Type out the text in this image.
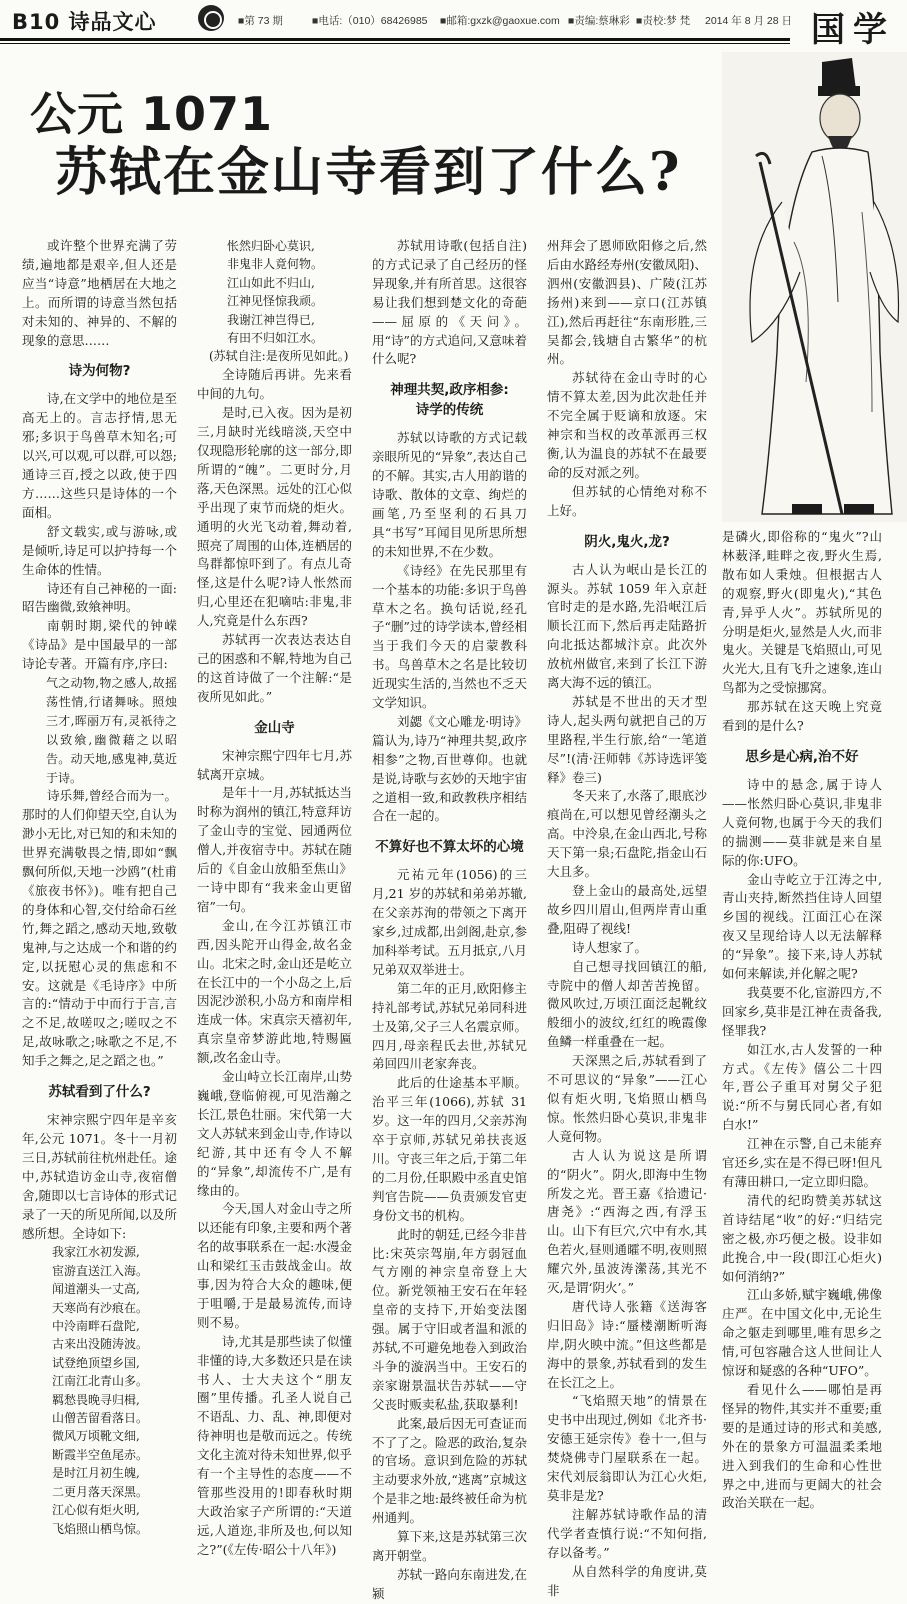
B10 诗品文心	■第 73 期	■电话:（010）68426985 ■邮箱:gxzk@gaoxue.com ■责编:蔡琳彩 ■责校:梦 梵 2014 年 8 月 28 日 国学
公元 1071
苏轼在金山寺看到了什么?

或许整个世界充满了劳绩,遍地都是艰辛,但人还是应当“诗意”地栖居在大地之上。而所谓的诗意当然包括对未知的、神异的、不解的现象的意思……

诗为何物?

诗,在文学中的地位是至高无上的。言志抒情,思无邪;多识于鸟兽草木知名;可以兴,可以观,可以群,可以怨;通诗三百,授之以政,使于四方……这些只是诗体的一个面相。

舒文载实,或与游咏,或是倾听,诗足可以护持每一个生命体的性情。

诗还有自己神秘的一面:昭告幽微,致飨神明。

南朝时期,梁代的钟嵘《诗品》是中国最早的一部诗论专著。开篇有序,序曰:

气之动物,物之感人,故摇荡性情,行诸舞咏。照烛三才,晖丽万有,灵祇待之以致飨,幽微藉之以昭告。动天地,感鬼神,莫近于诗。

诗乐舞,曾经合而为一。那时的人们仰望天空,自认为渺小无比,对已知的和未知的世界充满敬畏之情,即如“飘飘何所似,天地一沙鸥”(杜甫《旅夜书怀》)。唯有把自己的身体和心智,交付给命石丝竹,舞之蹈之,感动天地,致敬鬼神,与之达成一个和谐的约定,以抚慰心灵的焦虑和不安。这就是《毛诗序》中所言的:“情动于中而行于言,言之不足,故嗟叹之;嗟叹之不足,故咏歌之;咏歌之不足,不知手之舞之,足之蹈之也。”

苏轼看到了什么?

宋神宗熙宁四年是辛亥年,公元 1071。冬十一月初三日,苏轼前往杭州赴任。途中,苏轼造访金山寺,夜宿僧舍,随即以七言诗体的形式记录了一天的所见所闻,以及所感所想。全诗如下:

我家江水初发源,

宦游直送江入海。

闻道潮头一丈高,

天寒尚有沙痕在。

中泠南畔石盘陀,

古来出没随涛波。

试登绝顶望乡国,

江南江北青山多。

羁愁畏晚寻归楫,

山僧苦留看落日。

微风万顷靴文细,

断霞半空鱼尾赤。

是时江月初生魄,

二更月落天深黑。

江心似有炬火明,

飞焰照山栖鸟惊。

怅然归卧心莫识,

非鬼非人竟何物。

江山如此不归山,

江神见怪惊我顽。

我谢江神岂得已,

有田不归如江水。

(苏轼自注:是夜所见如此。)

全诗随后再讲。先来看中间的九句。

是时,已入夜。因为是初三,月缺时光线暗淡,天空中仅现隐形轮廓的这一部分,即所谓的“魄”。二更时分,月落,天色深黑。远处的江心似乎出现了束节而烧的炬火。通明的火光飞动着,舞动着,照亮了周围的山体,连栖居的鸟群都惊吓到了。有点儿奇怪,这是什么呢?诗人怅然而归,心里还在犯嘀咕:非鬼,非人,究竟是什么东西?

苏轼再一次表达表达自己的困惑和不解,特地为自己的这首诗做了一个注解:“是夜所见如此。”

金山寺

宋神宗熙宁四年七月,苏轼离开京城。

是年十一月,苏轼抵达当时称为润州的镇江,特意拜访了金山寺的宝觉、园通两位僧人,并夜宿寺中。苏轼在随后的《自金山放船至焦山》一诗中即有“我来金山更留宿”一句。

金山,在今江苏镇江市西,因头陀开山得金,故名金山。北宋之时,金山还是屹立在长江中的一个小岛之上,后因泥沙淤积,小岛方和南岸相连成一体。宋真宗天禧初年,真宗皇帝梦游此地,特赐匾额,改名金山寺。

金山峙立长江南岸,山势巍峨,登临俯视,可见浩瀚之长江,景色壮丽。宋代第一大文人苏轼来到金山寺,作诗以纪游,其中还有令人不解的“异象”,却流传不广,是有缘由的。

今天,国人对金山寺之所以还能有印象,主要和两个著名的故事联系在一起:水漫金山和梁红玉击鼓战金山。故事,因为符合大众的趣味,便于咀嚼,于是最易流传,而诗则不易。

诗,尤其是那些读了似懂非懂的诗,大多数还只是在读书人、士大夫这个“朋友圈”里传播。孔圣人说自己不语乱、力、乱、神,即便对待神明也是敬而远之。传统文化主流对待未知世界,似乎有一个主导性的态度——不管那些没用的!即春秋时期大政治家子产所谓的:“天道远,人道迩,非所及也,何以知之?”(《左传·昭公十八年》)

苏轼用诗歌(包括自注)的方式记录了自己经历的怪异现象,并有所首思。这很容易让我们想到楚文化的奇葩——屈原的《天问》。用“诗”的方式追问,又意味着什么呢?

神理共契,政序相参:
诗学的传统

苏轼以诗歌的方式记载亲眼所见的“异象”,表达自己的不解。其实,古人用韵谐的诗歌、散体的文章、绚烂的画笔,乃至坚利的石具刀具“书写”耳闻目见所思所想的未知世界,不在少数。

《诗经》在先民那里有一个基本的功能:多识于鸟兽草木之名。换句话说,经孔子“删”过的诗学读本,曾经相当于我们今天的启蒙教科书。鸟兽草木之名是比较切近现实生活的,当然也不乏天文学知识。

刘勰《文心雕龙·明诗》篇认为,诗乃“神理共契,政序相参”之物,百世尊仰。也就是说,诗歌与玄妙的天地宇宙之道相一致,和政教秩序相结合在一起的。

不算好也不算太坏的心境

元祐元年(1056)的三月,21 岁的苏轼和弟弟苏辙,在父亲苏洵的带领之下离开家乡,过成都,出剑阁,赴京,参加科举考试。五月抵京,八月兄弟双双举进士。

第二年的正月,欧阳修主持礼部考试,苏轼兄弟同科进士及第,父子三人名震京师。四月,母亲程氏去世,苏轼兄弟回四川老家奔丧。

此后的仕途基本平顺。治平三年(1066),苏轼 31 岁。这一年的四月,父亲苏洵卒于京师,苏轼兄弟扶丧返川。守丧三年之后,于第二年的二月份,任职殿中丞直史馆判官告院——负责颁发官吏身份文书的机构。

此时的朝廷,已经今非昔比:宋英宗驾崩,年方弱冠血气方刚的神宗皇帝登上大位。新党领袖王安石在年轻皇帝的支持下,开始变法图强。属于守旧或者温和派的苏轼,不可避免地卷入到政治斗争的漩涡当中。王安石的亲家谢景温状告苏轼——守父丧时贩卖私盐,获取暴利!

此案,最后因无可查证而不了了之。险恶的政治,复杂的官场。意识到危险的苏轼主动要求外放,“逃离”京城这个是非之地:最终被任命为杭州通判。

算下来,这是苏轼第三次离开朝堂。

苏轼一路向东南进发,在颍

州拜会了恩师欧阳修之后,然后由水路经寿州(安徽凤阳)、泗州(安徽泗县)、广陵(江苏扬州)来到——京口(江苏镇江),然后再赶往“东南形胜,三吴都会,钱塘自古繁华”的杭州。

苏轼待在金山寺时的心情不算太差,因为此次赴任并不完全属于贬谪和放逐。宋神宗和当权的改革派再三权衡,认为温良的苏轼不在最要命的反对派之列。

但苏轼的心情绝对称不上好。

阴火,鬼火,龙?

古人认为岷山是长江的源头。苏轼 1059 年入京赶官时走的是水路,先沿岷江后顺长江而下,然后再走陆路折向北抵达都城汴京。此次外放杭州做官,来到了长江下游离大海不远的镇江。

苏轼是不世出的天才型诗人,起头两句就把自己的万里路程,半生行旅,给“一笔道尽”!(清·汪师韩《苏诗选评笺释》卷三)

冬天来了,水落了,眼底沙痕尚在,可以想见曾经潮头之高。中泠泉,在金山西北,号称天下第一泉;石盘陀,指金山石大且多。

登上金山的最高处,远望故乡四川眉山,但两岸青山重叠,阻碍了视线!

诗人想家了。

自己想寻找回镇江的船,寺院中的僧人却苦苦挽留。微风吹过,万顷江面泛起靴纹般细小的波纹,红红的晚霞像鱼鳞一样重叠在一起。

天深黑之后,苏轼看到了不可思议的“异象”——江心似有炬火明,飞焰照山栖鸟惊。怅然归卧心莫识,非鬼非人竟何物。

古人认为说这是所谓的“阴火”。阴火,即海中生物所发之光。晋王嘉《拾遗记·唐尧》:“西海之西,有浮玉山。山下有巨穴,穴中有水,其色若火,昼则通曤不明,夜则照耀穴外,虽波涛瀠荡,其光不灭,是谓‘阴火’。”

唐代诗人张籍《送海客归旧岛》诗:“蜃楼潮断听海岸,阴火映中流。”但这些都是海中的景象,苏轼看到的发生在长江之上。

“飞焰照天地”的情景在史书中出现过,例如《北齐书·安德王延宗传》卷十一,但与焚烧佛寺门屋联系在一起。宋代刘辰翁即认为江心火炬,莫非是龙?

注解苏轼诗歌作品的清代学者查慎行说:“不知何指,存以备考。”

从自然科学的角度讲,莫非

是磷火,即俗称的“鬼火”?山林薮泽,畦畔之夜,野火生焉,散布如人秉烛。但根据古人的观察,野火(即鬼火),“其色青,异乎人火”。苏轼所见的分明是炬火,显然是人火,而非鬼火。关键是飞焰照山,可见火光大,且有飞升之速象,连山鸟都为之受惊挪窝。

那苏轼在这天晚上究竟看到的是什么?

思乡是心病,治不好

诗中的悬念,属于诗人——怅然归卧心莫识,非鬼非人竟何物,也属于今天的我们的揣测——莫非就是来自星际的你:UFO。

金山寺屹立于江涛之中,青山夹持,断然挡住诗人回望乡国的视线。江面江心在深夜又呈现给诗人以无法解释的“异象”。接下来,诗人苏轼如何来解读,并化解之呢?

我莫要不化,宦游四方,不回家乡,莫非是江神在责备我,怪罪我?

如江水,古人发誓的一种方式。《左传》僖公二十四年,晋公子重耳对舅父子犯说:“所不与舅氏同心者,有如白水!”

江神在示警,自己未能弃官还乡,实在是不得已呀!但凡有薄田耕口,一定立即归隐。

清代的纪昀赞美苏轼这首诗结尾“收”的好:“归结完密之极,亦巧便之极。设非如此挽合,中一段(即江心炬火)如何消纳?”

江山多娇,赋宇巍峨,佛像庄严。在中国文化中,无论生命之躯走到哪里,唯有思乡之情,可包容融合这人世间让人惊讶和疑惑的各种“UFO”。

看见什么——哪怕是再怪异的物件,其实并不重要;重要的是通过诗的形式和美感,外在的景象方可温温柔柔地进入到我们的生命和心性世界之中,进而与更阔大的社会政治关联在一起。
